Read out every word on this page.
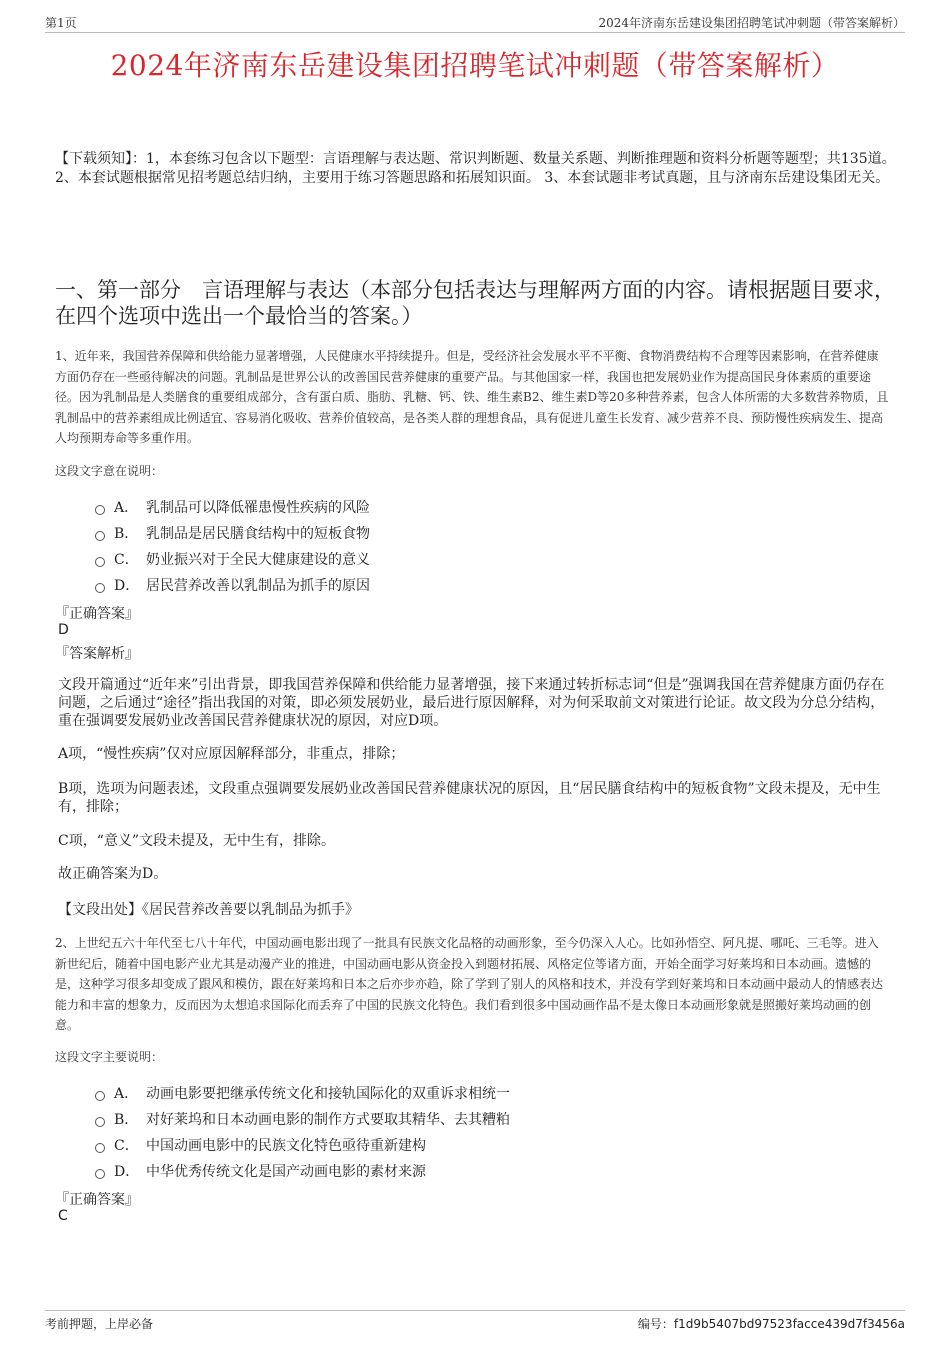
第1页	2024年济南东岳建设集团招聘笔试冲刺题（带答案解析）
2024年济南东岳建设集团招聘笔试冲刺题（带答案解析）
【下载须知】：1，本套练习包含以下题型：言语理解与表达题、常识判断题、数量关系题、判断推理题和资料分析题等题型；共135道。 2、本套试题根据常见招考题总结归纳，主要用于练习答题思路和拓展知识面。 3、本套试题非考试真题，且与济南东岳建设集团无关。
一、第一部分　言语理解与表达（本部分包括表达与理解两方面的内容。请根据题目要求，在四个选项中选出一个最恰当的答案。）
1、近年来，我国营养保障和供给能力显著增强，人民健康水平持续提升。但是，受经济社会发展水平不平衡、食物消费结构不合理等因素影响，在营养健康方面仍存在一些亟待解决的问题。乳制品是世界公认的改善国民营养健康的重要产品。与其他国家一样，我国也把发展奶业作为提高国民身体素质的重要途径。因为乳制品是人类膳食的重要组成部分，含有蛋白质、脂肪、乳糖、钙、铁、维生素B2、维生素D等20多种营养素，包含人体所需的大多数营养物质，且乳制品中的营养素组成比例适宜、容易消化吸收、营养价值较高，是各类人群的理想食品，具有促进儿童生长发育、减少营养不良、预防慢性疾病发生、提高人均预期寿命等多重作用。
这段文字意在说明：
A． 乳制品可以降低罹患慢性疾病的风险
B． 乳制品是居民膳食结构中的短板食物
C． 奶业振兴对于全民大健康建设的意义
D． 居民营养改善以乳制品为抓手的原因
『正确答案』
D
『答案解析』
文段开篇通过“近年来”引出背景，即我国营养保障和供给能力显著增强，接下来通过转折标志词“但是”强调我国在营养健康方面仍存在问题，之后通过“途径”指出我国的对策，即必须发展奶业，最后进行原因解释，对为何采取前文对策进行论证。故文段为分总分结构，重在强调要发展奶业改善国民营养健康状况的原因，对应D项。
A项，“慢性疾病”仅对应原因解释部分，非重点，排除；
B项，选项为问题表述，文段重点强调要发展奶业改善国民营养健康状况的原因，且“居民膳食结构中的短板食物”文段未提及，无中生有，排除；
C项，“意义”文段未提及，无中生有，排除。
故正确答案为D。
【文段出处】《居民营养改善要以乳制品为抓手》
2、上世纪五六十年代至七八十年代，中国动画电影出现了一批具有民族文化品格的动画形象，至今仍深入人心。比如孙悟空、阿凡提、哪吒、三毛等。进入新世纪后，随着中国电影产业尤其是动漫产业的推进，中国动画电影从资金投入到题材拓展、风格定位等诸方面，开始全面学习好莱坞和日本动画。遗憾的是，这种学习很多却变成了跟风和模仿，跟在好莱坞和日本之后亦步亦趋，除了学到了别人的风格和技术，并没有学到好莱坞和日本动画中最动人的情感表达能力和丰富的想象力，反而因为太想追求国际化而丢弃了中国的民族文化特色。我们看到很多中国动画作品不是太像日本动画形象就是照搬好莱坞动画的创意。
这段文字主要说明：
A． 动画电影要把继承传统文化和接轨国际化的双重诉求相统一
B． 对好莱坞和日本动画电影的制作方式要取其精华、去其糟粕
C． 中国动画电影中的民族文化特色亟待重新建构
D． 中华优秀传统文化是国产动画电影的素材来源
『正确答案』
C
考前押题，上岸必备	编号：f1d9b5407bd97523facce439d7f3456a
